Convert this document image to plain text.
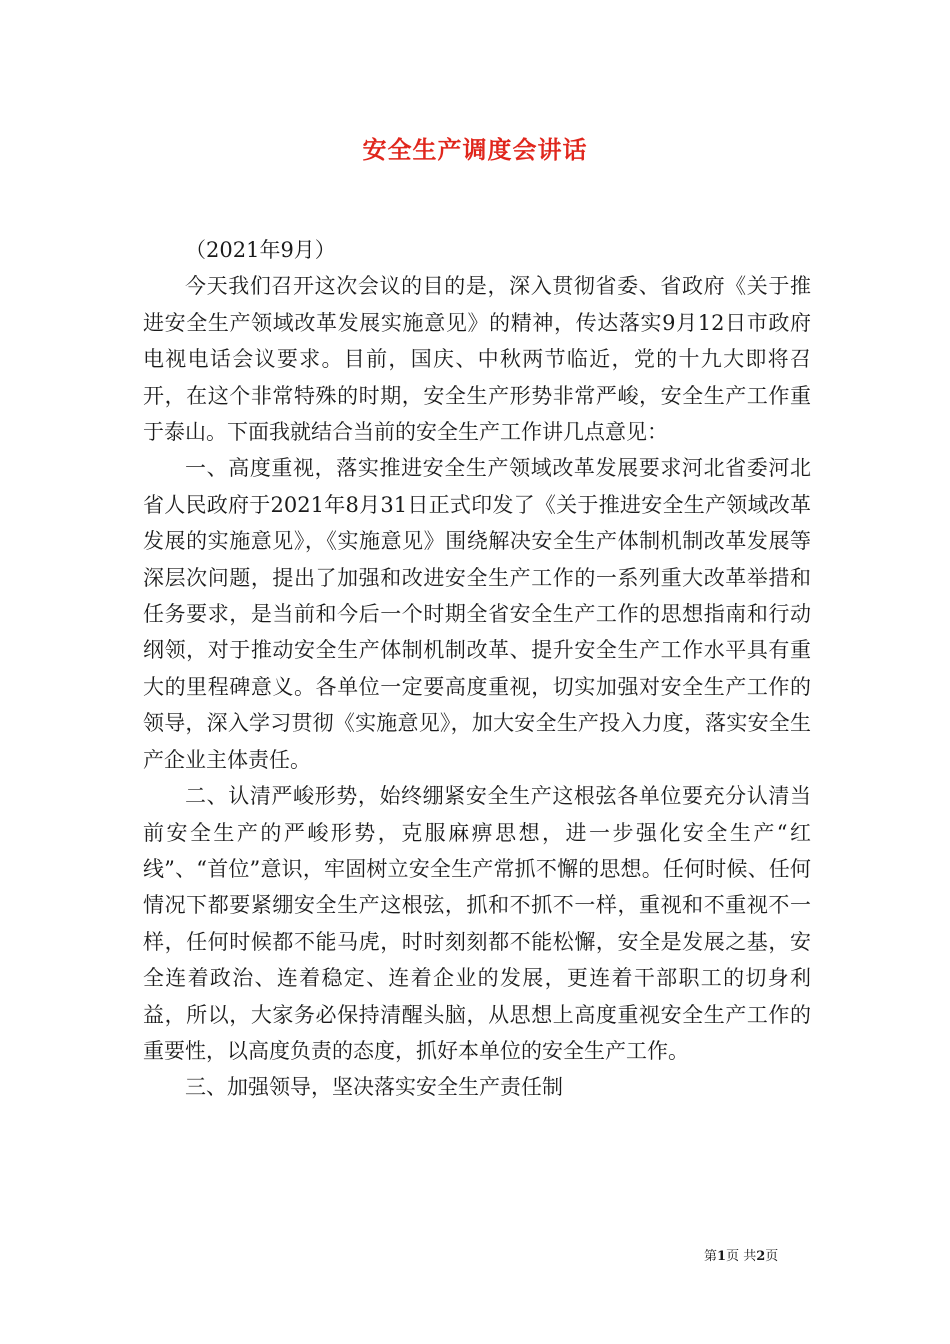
安全生产调度会讲话

（2021年9月）

今天我们召开这次会议的目的是，深入贯彻省委、省政府《关于推进安全生产领域改革发展实施意见》的精神，传达落实9月12日市政府电视电话会议要求。目前，国庆、中秋两节临近，党的十九大即将召开，在这个非常特殊的时期，安全生产形势非常严峻，安全生产工作重于泰山。下面我就结合当前的安全生产工作讲几点意见：

一、高度重视，落实推进安全生产领域改革发展要求河北省委河北省人民政府于2021年8月31日正式印发了《关于推进安全生产领域改革发展的实施意见》，《实施意见》围绕解决安全生产体制机制改革发展等深层次问题，提出了加强和改进安全生产工作的一系列重大改革举措和任务要求，是当前和今后一个时期全省安全生产工作的思想指南和行动纲领，对于推动安全生产体制机制改革、提升安全生产工作水平具有重大的里程碑意义。各单位一定要高度重视，切实加强对安全生产工作的领导，深入学习贯彻《实施意见》，加大安全生产投入力度，落实安全生产企业主体责任。

二、认清严峻形势，始终绷紧安全生产这根弦各单位要充分认清当前安全生产的严峻形势，克服麻痹思想，进一步强化安全生产“红线”、“首位”意识，牢固树立安全生产常抓不懈的思想。任何时候、任何情况下都要紧绷安全生产这根弦，抓和不抓不一样，重视和不重视不一样，任何时候都不能马虎，时时刻刻都不能松懈，安全是发展之基，安全连着政治、连着稳定、连着企业的发展，更连着干部职工的切身利益，所以，大家务必保持清醒头脑，从思想上高度重视安全生产工作的重要性，以高度负责的态度，抓好本单位的安全生产工作。

三、加强领导，坚决落实安全生产责任制

第1页 共2页
